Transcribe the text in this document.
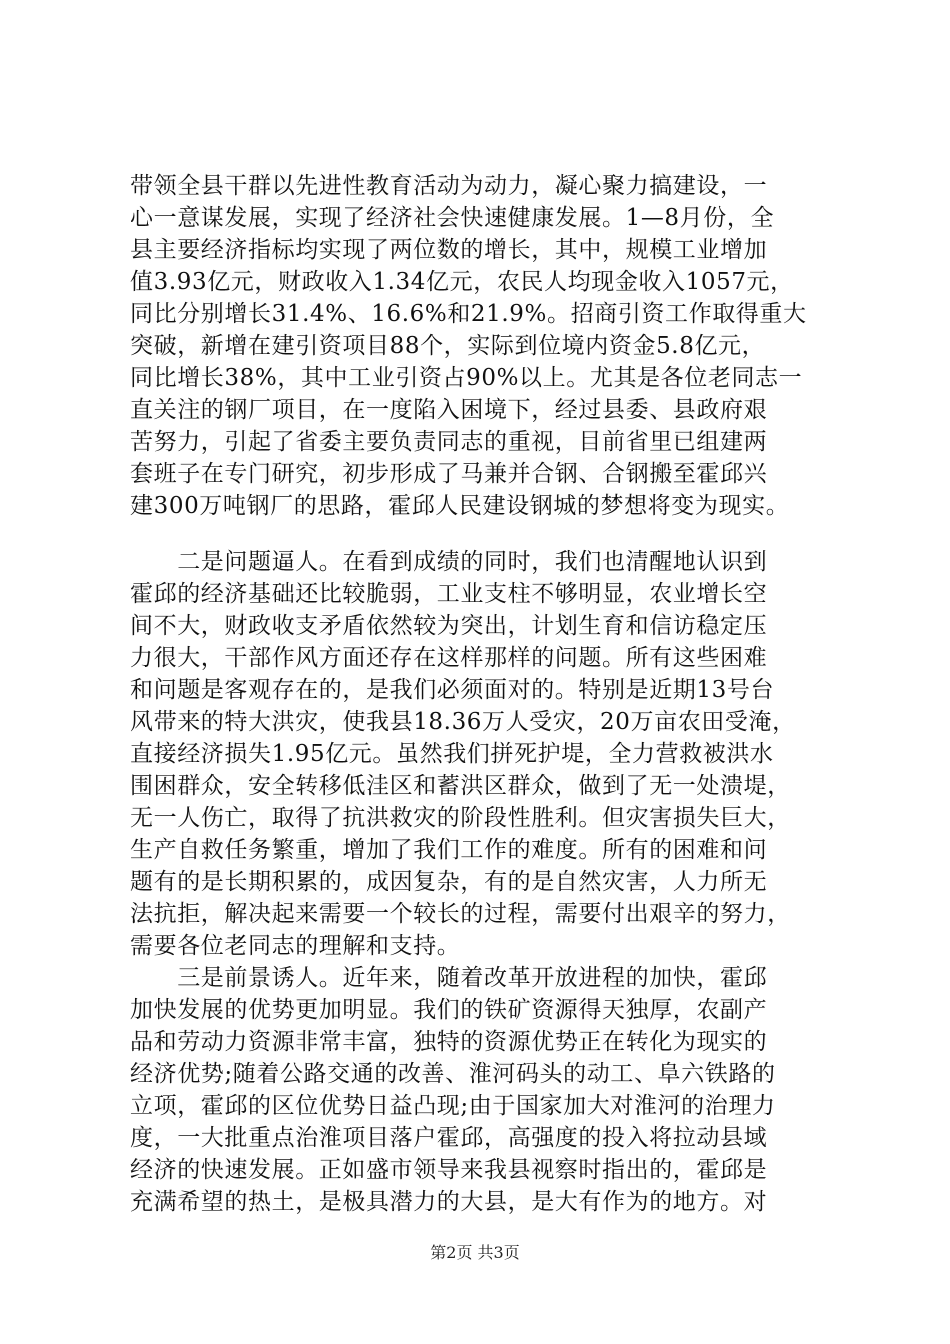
带领全县干群以先进性教育活动为动力，凝心聚力搞建设，一
心一意谋发展，实现了经济社会快速健康发展。1—8月份，全
县主要经济指标均实现了两位数的增长，其中，规模工业增加
值3.93亿元，财政收入1.34亿元，农民人均现金收入1057元，
同比分别增长31.4%、16.6%和21.9%。招商引资工作取得重大
突破，新增在建引资项目88个，实际到位境内资金5.8亿元，
同比增长38%，其中工业引资占90%以上。尤其是各位老同志一
直关注的钢厂项目，在一度陷入困境下，经过县委、县政府艰
苦努力，引起了省委主要负责同志的重视，目前省里已组建两
套班子在专门研究，初步形成了马兼并合钢、合钢搬至霍邱兴
建300万吨钢厂的思路，霍邱人民建设钢城的梦想将变为现实。
　　二是问题逼人。在看到成绩的同时，我们也清醒地认识到
霍邱的经济基础还比较脆弱，工业支柱不够明显，农业增长空
间不大，财政收支矛盾依然较为突出，计划生育和信访稳定压
力很大，干部作风方面还存在这样那样的问题。所有这些困难
和问题是客观存在的，是我们必须面对的。特别是近期13号台
风带来的特大洪灾，使我县18.36万人受灾，20万亩农田受淹，
直接经济损失1.95亿元。虽然我们拼死护堤，全力营救被洪水
围困群众，安全转移低洼区和蓄洪区群众，做到了无一处溃堤，
无一人伤亡，取得了抗洪救灾的阶段性胜利。但灾害损失巨大，
生产自救任务繁重，增加了我们工作的难度。所有的困难和问
题有的是长期积累的，成因复杂，有的是自然灾害，人力所无
法抗拒，解决起来需要一个较长的过程，需要付出艰辛的努力，
需要各位老同志的理解和支持。
　　三是前景诱人。近年来，随着改革开放进程的加快，霍邱
加快发展的优势更加明显。我们的铁矿资源得天独厚，农副产
品和劳动力资源非常丰富，独特的资源优势正在转化为现实的
经济优势;随着公路交通的改善、淮河码头的动工、阜六铁路的
立项，霍邱的区位优势日益凸现;由于国家加大对淮河的治理力
度，一大批重点治淮项目落户霍邱，高强度的投入将拉动县域
经济的快速发展。正如盛市领导来我县视察时指出的，霍邱是
充满希望的热土，是极具潜力的大县，是大有作为的地方。对
第2页 共3页
